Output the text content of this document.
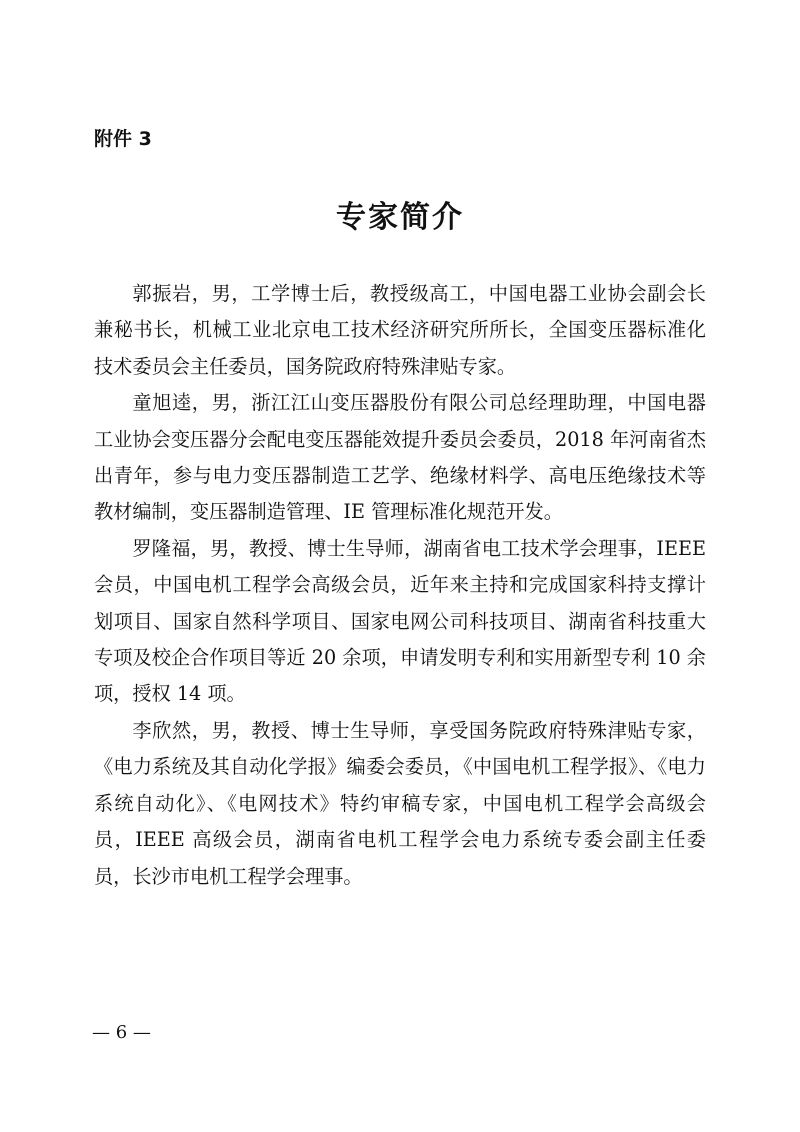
附件 3
专家简介

郭振岩，男，工学博士后，教授级高工，中国电器工业协会副会长兼秘书长，机械工业北京电工技术经济研究所所长，全国变压器标准化技术委员会主任委员，国务院政府特殊津贴专家。

童旭逵，男，浙江江山变压器股份有限公司总经理助理，中国电器工业协会变压器分会配电变压器能效提升委员会委员，2018 年河南省杰出青年，参与电力变压器制造工艺学、绝缘材料学、高电压绝缘技术等教材编制，变压器制造管理、IE 管理标准化规范开发。

罗隆福，男，教授、博士生导师，湖南省电工技术学会理事，IEEE 会员，中国电机工程学会高级会员，近年来主持和完成国家科持支撑计划项目、国家自然科学项目、国家电网公司科技项目、湖南省科技重大专项及校企合作项目等近 20 余项，申请发明专利和实用新型专利 10 余项，授权 14 项。

李欣然，男，教授、博士生导师，享受国务院政府特殊津贴专家，《电力系统及其自动化学报》编委会委员，《中国电机工程学报》、《电力系统自动化》、《电网技术》特约审稿专家，中国电机工程学会高级会员，IEEE 高级会员，湖南省电机工程学会电力系统专委会副主任委员，长沙市电机工程学会理事。

— 6 —
